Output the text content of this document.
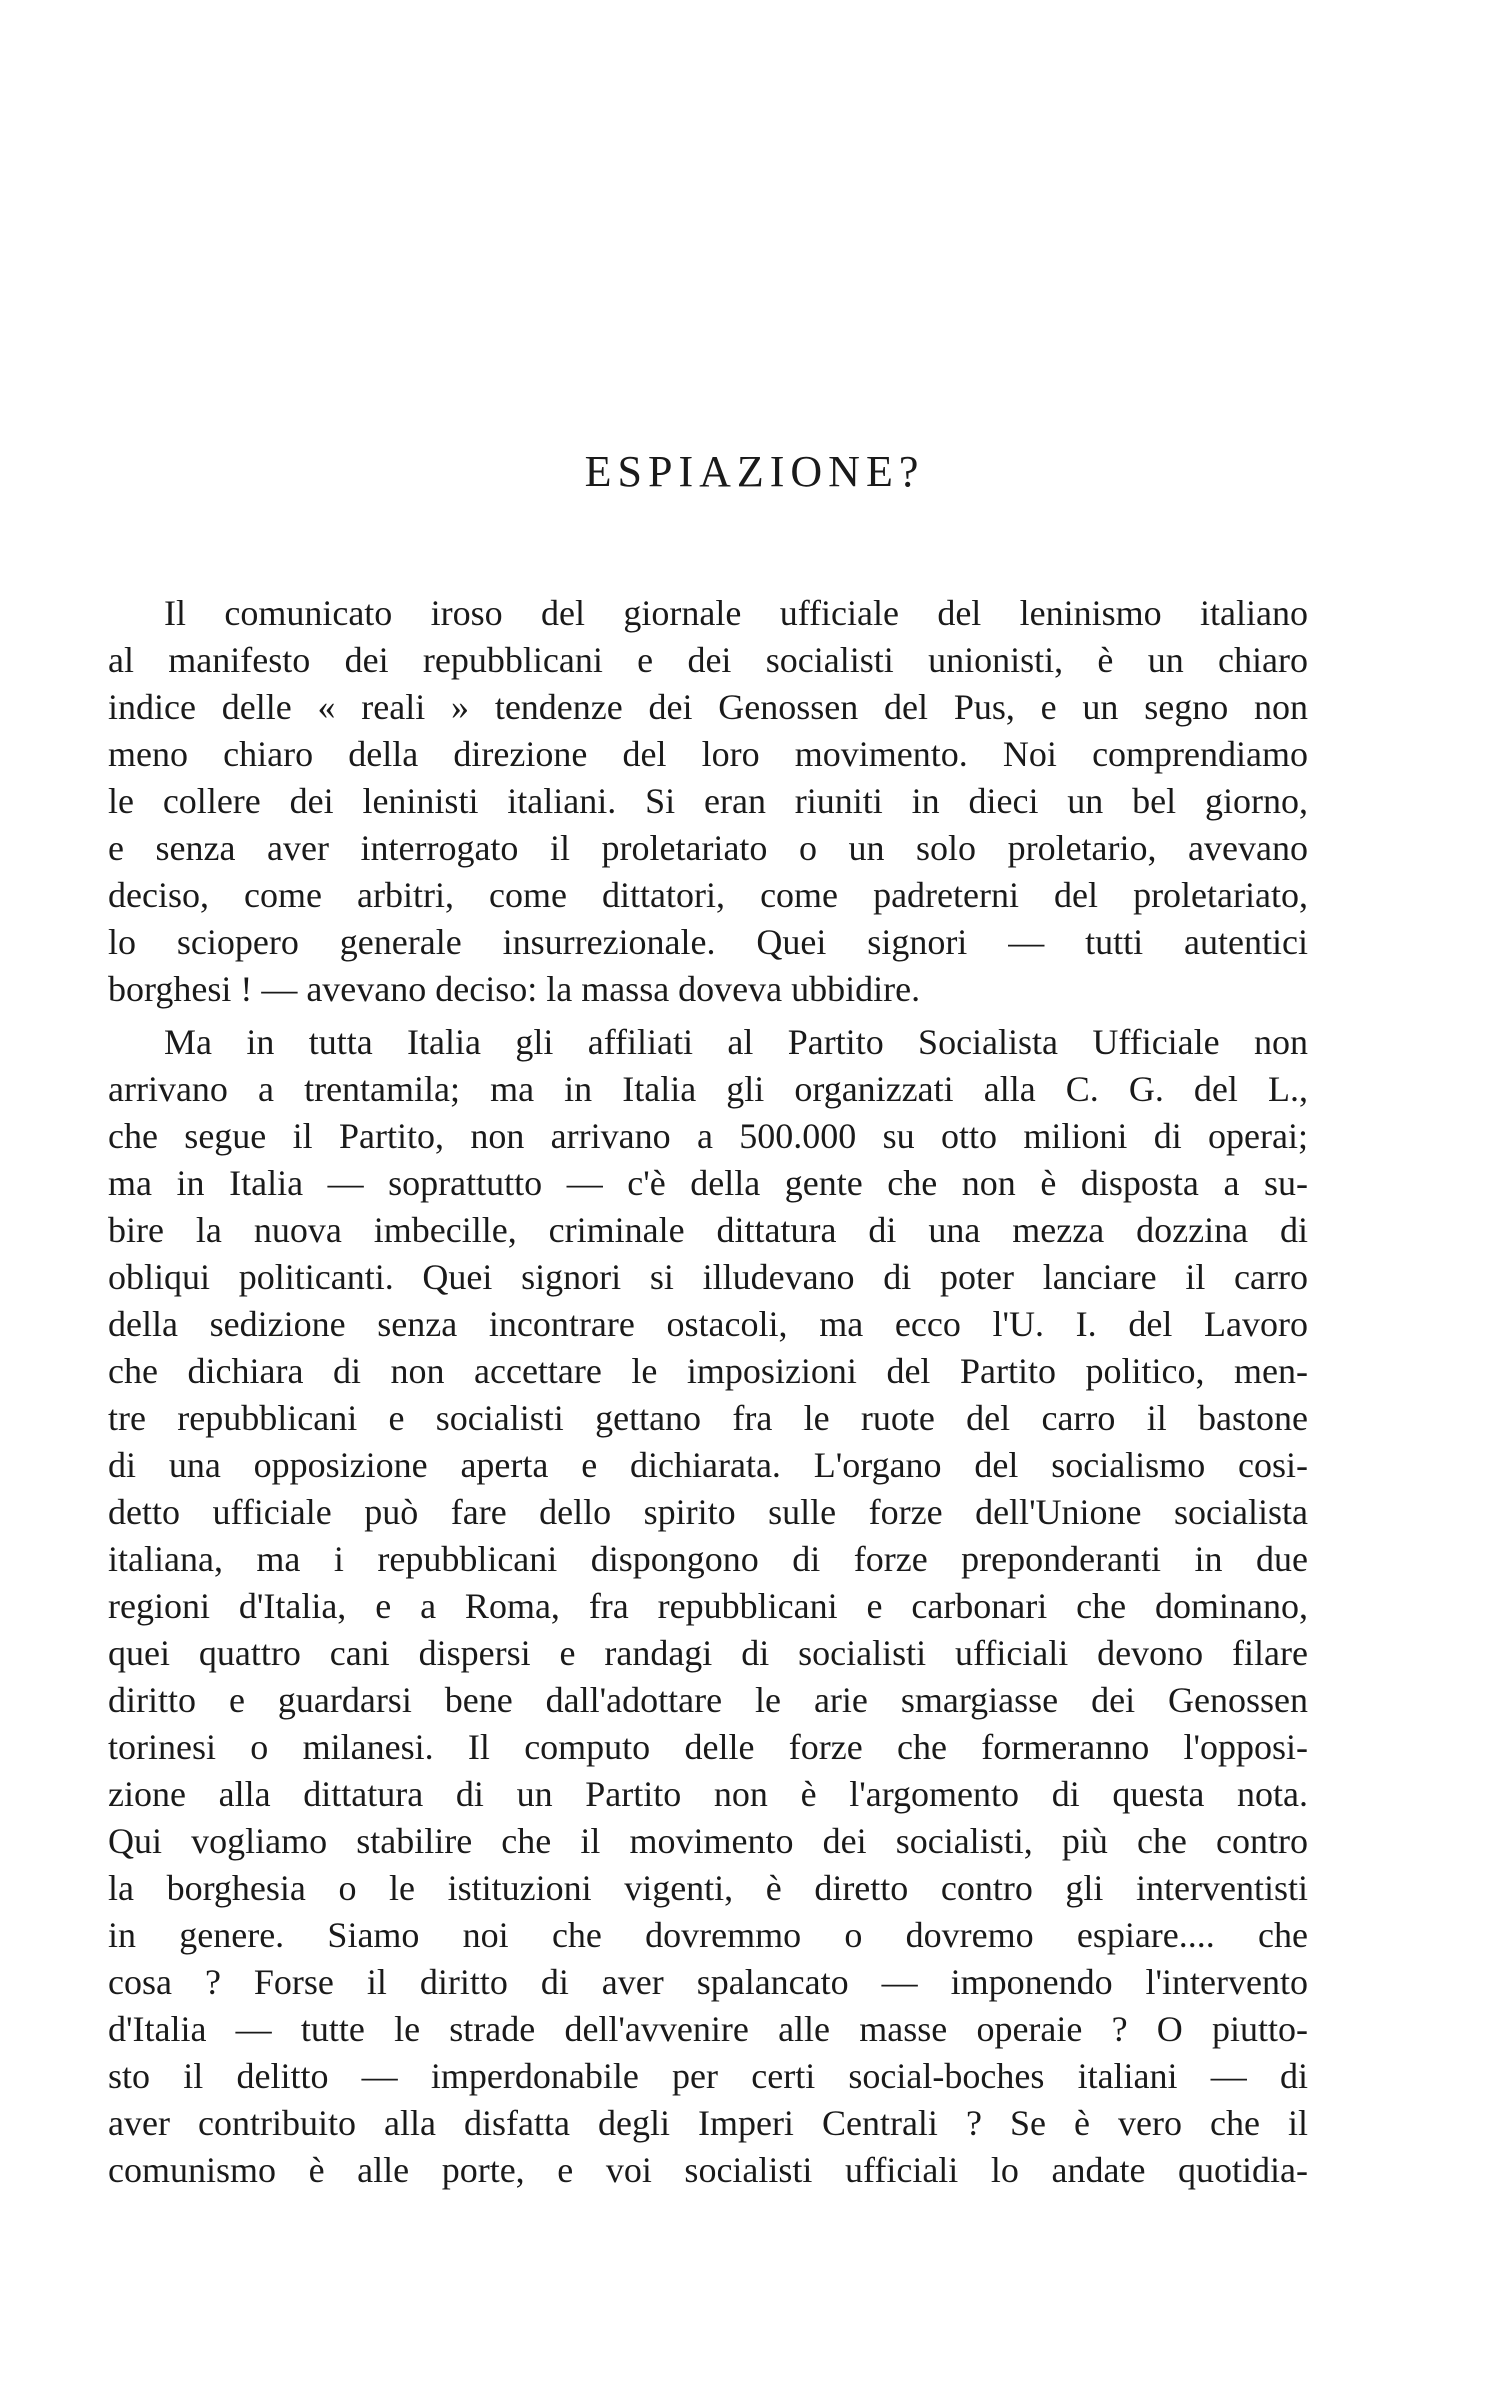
ESPIAZIONE?
Il comunicato iroso del giornale ufficiale del leninismo italiano
al manifesto dei repubblicani e dei socialisti unionisti, è un chiaro
indice delle « reali » tendenze dei Genossen del Pus, e un segno non
meno chiaro della direzione del loro movimento. Noi comprendiamo
le collere dei leninisti italiani. Si eran riuniti in dieci un bel giorno,
e senza aver interrogato il proletariato o un solo proletario, avevano
deciso, come arbitri, come dittatori, come padreterni del proletariato,
lo sciopero generale insurrezionale. Quei signori — tutti autentici
borghesi ! — avevano deciso: la massa doveva ubbidire.
Ma in tutta Italia gli affiliati al Partito Socialista Ufficiale non
arrivano a trentamila; ma in Italia gli organizzati alla C. G. del L.,
che segue il Partito, non arrivano a 500.000 su otto milioni di operai;
ma in Italia — soprattutto — c'è della gente che non è disposta a su-
bire la nuova imbecille, criminale dittatura di una mezza dozzina di
obliqui politicanti. Quei signori si illudevano di poter lanciare il carro
della sedizione senza incontrare ostacoli, ma ecco l'U. I. del Lavoro
che dichiara di non accettare le imposizioni del Partito politico, men-
tre repubblicani e socialisti gettano fra le ruote del carro il bastone
di una opposizione aperta e dichiarata. L'organo del socialismo cosi-
detto ufficiale può fare dello spirito sulle forze dell'Unione socialista
italiana, ma i repubblicani dispongono di forze preponderanti in due
regioni d'Italia, e a Roma, fra repubblicani e carbonari che dominano,
quei quattro cani dispersi e randagi di socialisti ufficiali devono filare
diritto e guardarsi bene dall'adottare le arie smargiasse dei Genossen
torinesi o milanesi. Il computo delle forze che formeranno l'opposi-
zione alla dittatura di un Partito non è l'argomento di questa nota.
Qui vogliamo stabilire che il movimento dei socialisti, più che contro
la borghesia o le istituzioni vigenti, è diretto contro gli interventisti
in genere. Siamo noi che dovremmo o dovremo espiare.... che
cosa ? Forse il diritto di aver spalancato — imponendo l'intervento
d'Italia — tutte le strade dell'avvenire alle masse operaie ? O piutto-
sto il delitto — imperdonabile per certi social-boches italiani — di
aver contribuito alla disfatta degli Imperi Centrali ? Se è vero che il
comunismo è alle porte, e voi socialisti ufficiali lo andate quotidia-
